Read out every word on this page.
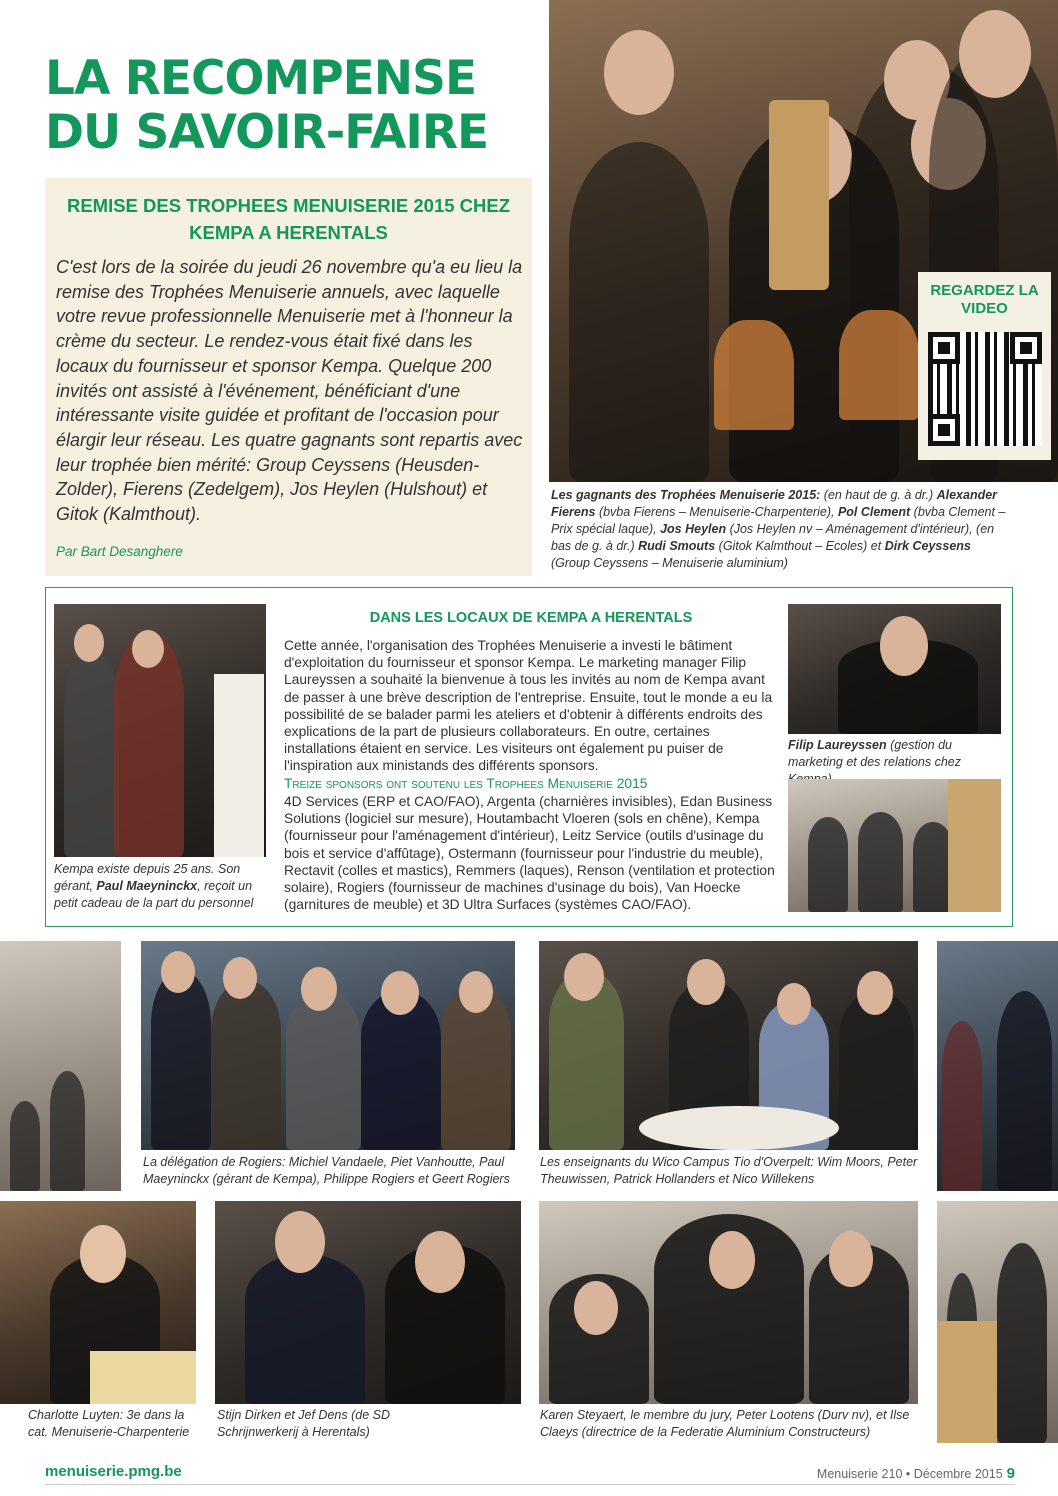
LA RECOMPENSE DU SAVOIR-FAIRE
REMISE DES TROPHEES MENUISERIE 2015 CHEZ KEMPA A HERENTALS
C'est lors de la soirée du jeudi 26 novembre qu'a eu lieu la remise des Trophées Menuiserie annuels, avec laquelle votre revue professionnelle Menuiserie met à l'honneur la crème du secteur. Le rendez-vous était fixé dans les locaux du fournisseur et sponsor Kempa. Quelque 200 invités ont assisté à l'événement, bénéficiant d'une intéressante visite guidée et profitant de l'occasion pour élargir leur réseau. Les quatre gagnants sont repartis avec leur trophée bien mérité: Group Ceyssens (Heusden-Zolder), Fierens (Zedelgem), Jos Heylen (Hulshout) et Gitok (Kalmthout).
Par Bart Desanghere
REGARDEZ LA VIDEO
Les gagnants des Trophées Menuiserie 2015: (en haut de g. à dr.) Alexander Fierens (bvba Fierens – Menuiserie-Charpenterie), Pol Clement (bvba Clement – Prix spécial laque), Jos Heylen (Jos Heylen nv – Aménagement d'intérieur), (en bas de g. à dr.) Rudi Smouts (Gitok Kalmthout – Ecoles) et Dirk Ceyssens (Group Ceyssens – Menuiserie aluminium)
Kempa existe depuis 25 ans. Son gérant, Paul Maeyninckx, reçoit un petit cadeau de la part du personnel
DANS LES LOCAUX DE KEMPA A HERENTALS
Cette année, l'organisation des Trophées Menuiserie a investi le bâtiment d'exploitation du fournisseur et sponsor Kempa. Le marketing manager Filip Laureyssen a souhaité la bienvenue à tous les invités au nom de Kempa avant de passer à une brève description de l'entreprise. Ensuite, tout le monde a eu la possibilité de se balader parmi les ateliers et d'obtenir à différents endroits des explications de la part de plusieurs collaborateurs. En outre, certaines installations étaient en service. Les visiteurs ont également pu puiser de l'inspiration aux ministands des différents sponsors.
Treize sponsors ont soutenu les Trophees Menuiserie 2015
4D Services (ERP et CAO/FAO), Argenta (charnières invisibles), Edan Business Solutions (logiciel sur mesure), Houtambacht Vloeren (sols en chêne), Kempa (fournisseur pour l'aménagement d'intérieur), Leitz Service (outils d'usinage du bois et service d'affûtage), Ostermann (fournisseur pour l'industrie du meuble), Rectavit (colles et mastics), Remmers (laques), Renson (ventilation et protection solaire), Rogiers (fournisseur de machines d'usinage du bois), Van Hoecke (garnitures de meuble) et 3D Ultra Surfaces (systèmes CAO/FAO).
Filip Laureyssen (gestion du marketing et des relations chez
La délégation de Rogiers: Michiel Vandaele, Piet Vanhoutte, Paul Maeyninckx (gérant de Kempa), Philippe Rogiers et Geert Rogiers
Les enseignants du Wico Campus Tio d'Overpelt: Wim Moors, Peter Theuwissen, Patrick Hollanders et Nico Willekens
Charlotte Luyten: 3e dans la cat. Menuiserie-Charpenterie
Stijn Dirken et Jef Dens (de SD Schrijnwerkerij à Herentals)
Karen Steyaert, le membre du jury, Peter Lootens (Durv nv), et Ilse Claeys (directrice de la Federatie Aluminium Constructeurs)
menuiserie.pmg.be	Menuiserie 210 • Décembre 2015 9
